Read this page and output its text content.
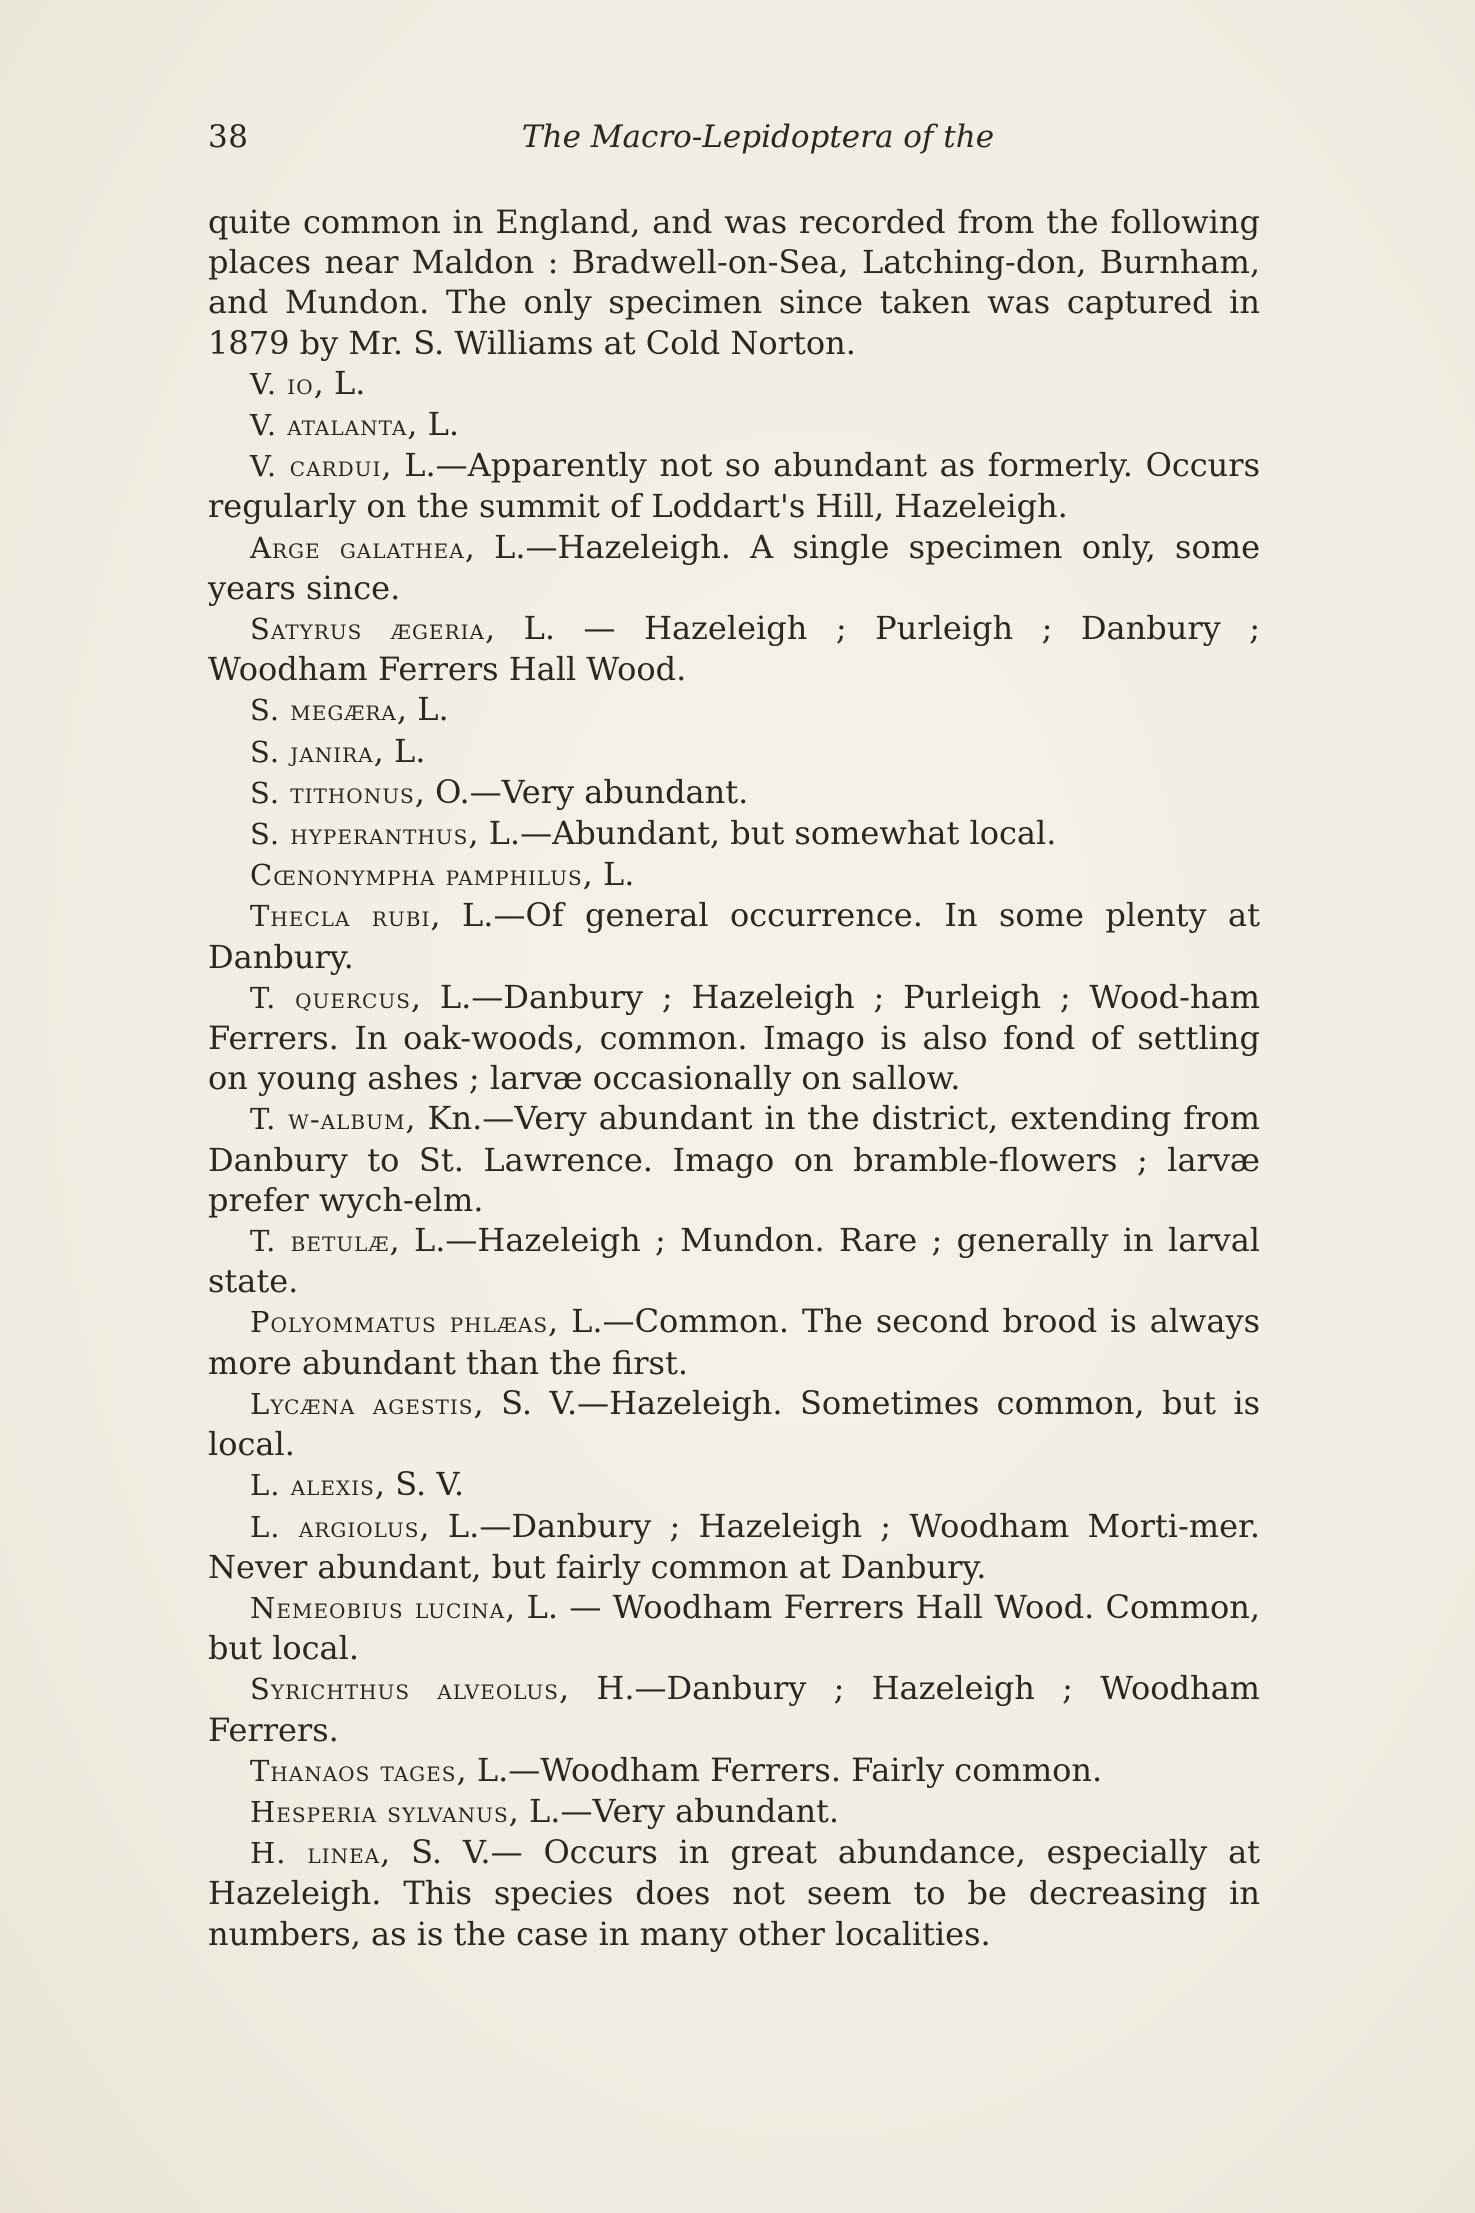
38	The Macro-Lepidoptera of the

quite common in England, and was recorded from the following places near Maldon : Bradwell-on-Sea, Latching-don, Burnham, and Mundon. The only specimen since taken was captured in 1879 by Mr. S. Williams at Cold Norton.

V. io, L.

V. atalanta, L.

V. cardui, L.—Apparently not so abundant as formerly. Occurs regularly on the summit of Loddart's Hill, Hazeleigh.

Arge galathea, L.—Hazeleigh. A single specimen only, some years since.

Satyrus ægeria, L. — Hazeleigh ; Purleigh ; Danbury ; Woodham Ferrers Hall Wood.

S. megæra, L.

S. janira, L.

S. tithonus, O.—Very abundant.

S. hyperanthus, L.—Abundant, but somewhat local.

Cœnonympha pamphilus, L.

Thecla rubi, L.—Of general occurrence. In some plenty at Danbury.

T. quercus, L.—Danbury ; Hazeleigh ; Purleigh ; Wood-ham Ferrers. In oak-woods, common. Imago is also fond of settling on young ashes ; larvæ occasionally on sallow.

T. w-album, Kn.—Very abundant in the district, extending from Danbury to St. Lawrence. Imago on bramble-flowers ; larvæ prefer wych-elm.

T. betulæ, L.—Hazeleigh ; Mundon. Rare ; generally in larval state.

Polyommatus phlæas, L.—Common. The second brood is always more abundant than the first.

Lycæna agestis, S. V.—Hazeleigh. Sometimes common, but is local.

L. alexis, S. V.

L. argiolus, L.—Danbury ; Hazeleigh ; Woodham Morti-mer. Never abundant, but fairly common at Danbury.

Nemeobius lucina, L. — Woodham Ferrers Hall Wood. Common, but local.

Syrichthus alveolus, H.—Danbury ; Hazeleigh ; Woodham Ferrers.

Thanaos tages, L.—Woodham Ferrers. Fairly common.

Hesperia sylvanus, L.—Very abundant.

H. linea, S. V.— Occurs in great abundance, especially at Hazeleigh. This species does not seem to be decreasing in numbers, as is the case in many other localities.
